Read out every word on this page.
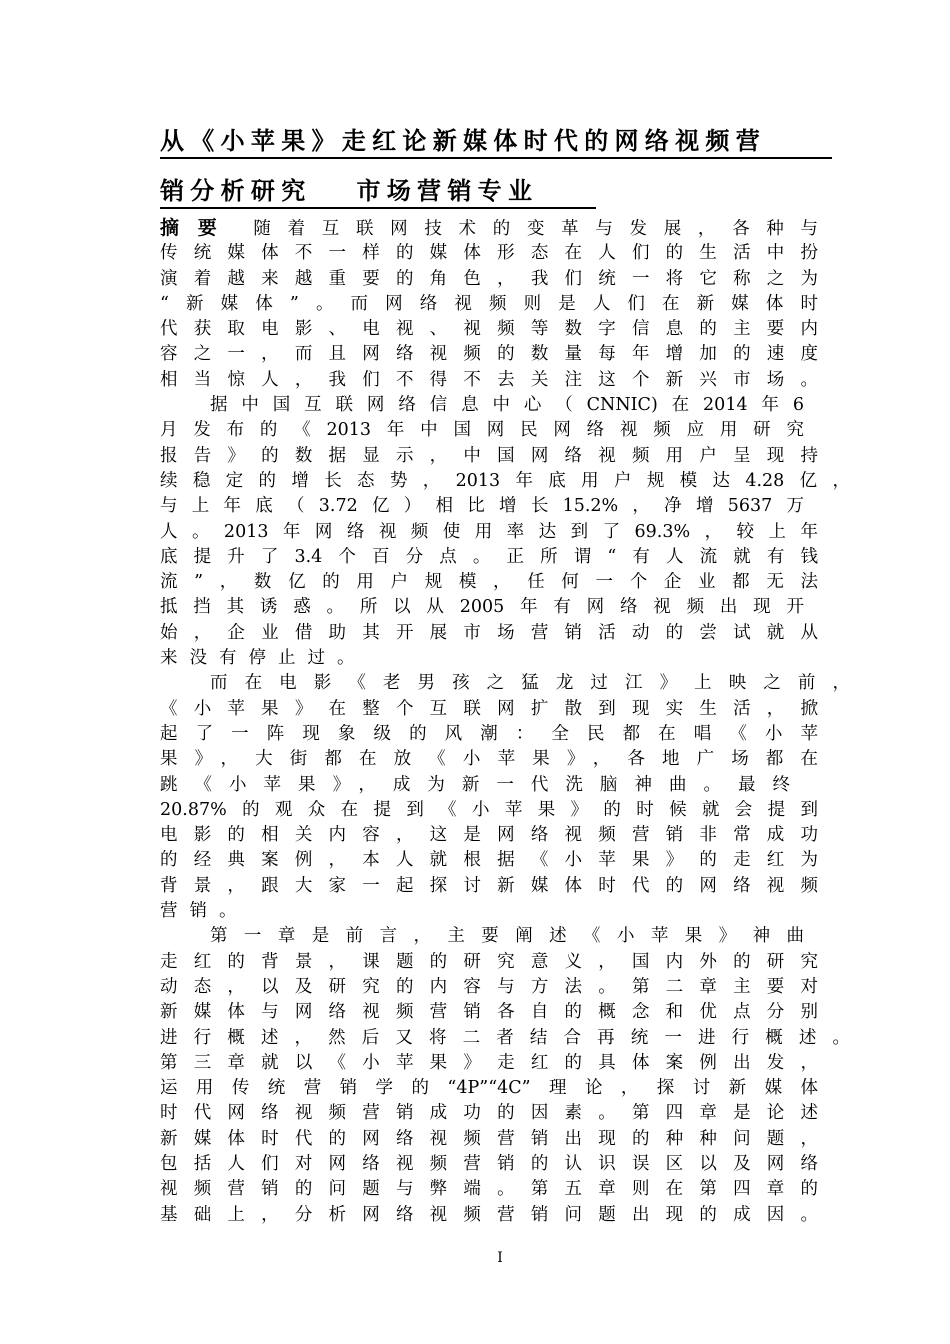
从《小苹果》走红论新媒体时代的网络视频营
销分析研究 　市场营销专业
摘要 随着互联网技术的变革与发展，各种与
传统媒体不一样的媒体形态在人们的生活中扮
演着越来越重要的角色，我们统一将它称之为
“新媒体”。而网络视频则是人们在新媒体时
代获取电影、电视、视频等数字信息的主要内
容之一，而且网络视频的数量每年增加的速度
相当惊人，我们不得不去关注这个新兴市场。
据中国互联网络信息中心（CNNIC)在2014年6
月发布的《2013年中国网民网络视频应用研究
报告》的数据显示，中国网络视频用户呈现持
续稳定的增长态势，2013年底用户规模达4.28亿，
与上年底（3.72亿）相比增长15.2%，净增5637万
人。2013年网络视频使用率达到了69.3%，较上年
底提升了3.4个百分点。正所谓“有人流就有钱
流”，数亿的用户规模，任何一个企业都无法
抵挡其诱惑。所以从2005年有网络视频出现开
始，企业借助其开展市场营销活动的尝试就从
来没有停止过。
而在电影《老男孩之猛龙过江》上映之前，
《小苹果》在整个互联网扩散到现实生活，掀
起了一阵现象级的风潮：全民都在唱《小苹
果》，大街都在放《小苹果》，各地广场都在
跳《小苹果》，成为新一代洗脑神曲。最终
20.87%的观众在提到《小苹果》的时候就会提到
电影的相关内容，这是网络视频营销非常成功
的经典案例，本人就根据《小苹果》的走红为
背景，跟大家一起探讨新媒体时代的网络视频
营销。
第一章是前言，主要阐述《小苹果》神曲
走红的背景，课题的研究意义，国内外的研究
动态，以及研究的内容与方法。第二章主要对
新媒体与网络视频营销各自的概念和优点分别
进行概述，然后又将二者结合再统一进行概述。
第三章就以《小苹果》走红的具体案例出发，
运用传统营销学的“4P”“4C”理论，探讨新媒体
时代网络视频营销成功的因素。第四章是论述
新媒体时代的网络视频营销出现的种种问题，
包括人们对网络视频营销的认识误区以及网络
视频营销的问题与弊端。第五章则在第四章的
基础上，分析网络视频营销问题出现的成因。
I
